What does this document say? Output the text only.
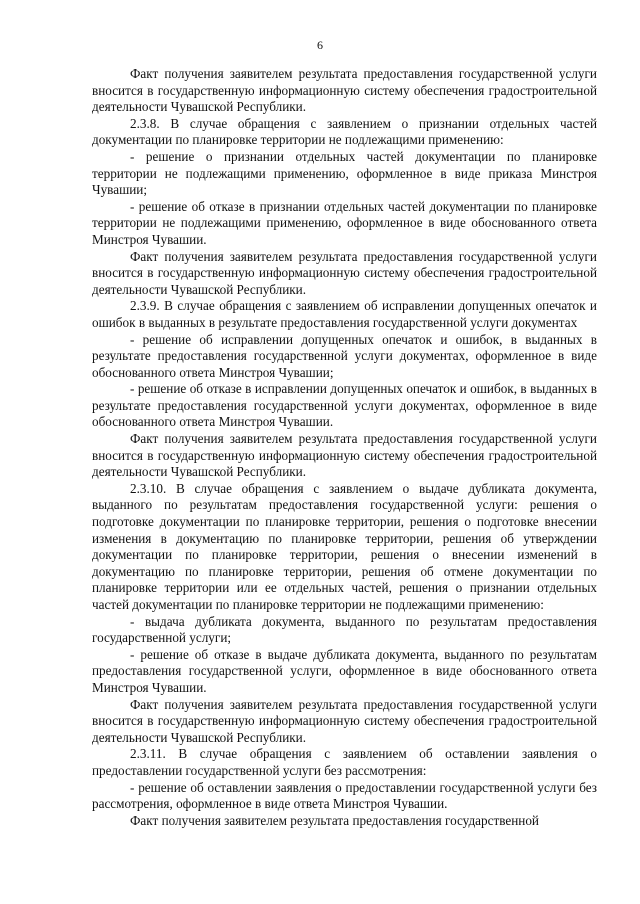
6

Факт получения заявителем результата предоставления государственной услуги вносится в государственную информационную систему обеспечения градостроительной деятельности Чувашской Республики.

2.3.8. В случае обращения с заявлением о признании отдельных частей документации по планировке территории не подлежащими применению:

- решение о признании отдельных частей документации по планировке территории не подлежащими применению, оформленное в виде приказа Минстроя Чувашии;

- решение об отказе в признании отдельных частей документации по планировке территории не подлежащими применению, оформленное в виде обоснованного ответа Минстроя Чувашии.

Факт получения заявителем результата предоставления государственной услуги вносится в государственную информационную систему обеспечения градостроительной деятельности Чувашской Республики.

2.3.9. В случае обращения с заявлением об исправлении допущенных опечаток и ошибок в выданных в результате предоставления государственной услуги документах

- решение об исправлении допущенных опечаток и ошибок, в выданных в результате предоставления государственной услуги документах, оформленное в виде обоснованного ответа Минстроя Чувашии;

- решение об отказе в исправлении допущенных опечаток и ошибок, в выданных в результате предоставления государственной услуги документах, оформленное в виде обоснованного ответа Минстроя Чувашии.

Факт получения заявителем результата предоставления государственной услуги вносится в государственную информационную систему обеспечения градостроительной деятельности Чувашской Республики.

2.3.10. В случае обращения с заявлением о выдаче дубликата документа, выданного по результатам предоставления государственной услуги: решения о подготовке документации по планировке территории, решения о подготовке внесении изменения в документацию по планировке территории, решения об утверждении документации по планировке территории, решения о внесении изменений в документацию по планировке территории, решения об отмене документации по планировке территории или ее отдельных частей, решения о признании отдельных частей документации по планировке территории не подлежащими применению:

- выдача дубликата документа, выданного по результатам предоставления государственной услуги;

- решение об отказе в выдаче дубликата документа, выданного по результатам предоставления государственной услуги, оформленное в виде обоснованного ответа Минстроя Чувашии.

Факт получения заявителем результата предоставления государственной услуги вносится в государственную информационную систему обеспечения градостроительной деятельности Чувашской Республики.

2.3.11. В случае обращения с заявлением об оставлении заявления о предоставлении государственной услуги без рассмотрения:

- решение об оставлении заявления о предоставлении государственной услуги без рассмотрения, оформленное в виде ответа Минстроя Чувашии.

Факт получения заявителем результата предоставления государственной
